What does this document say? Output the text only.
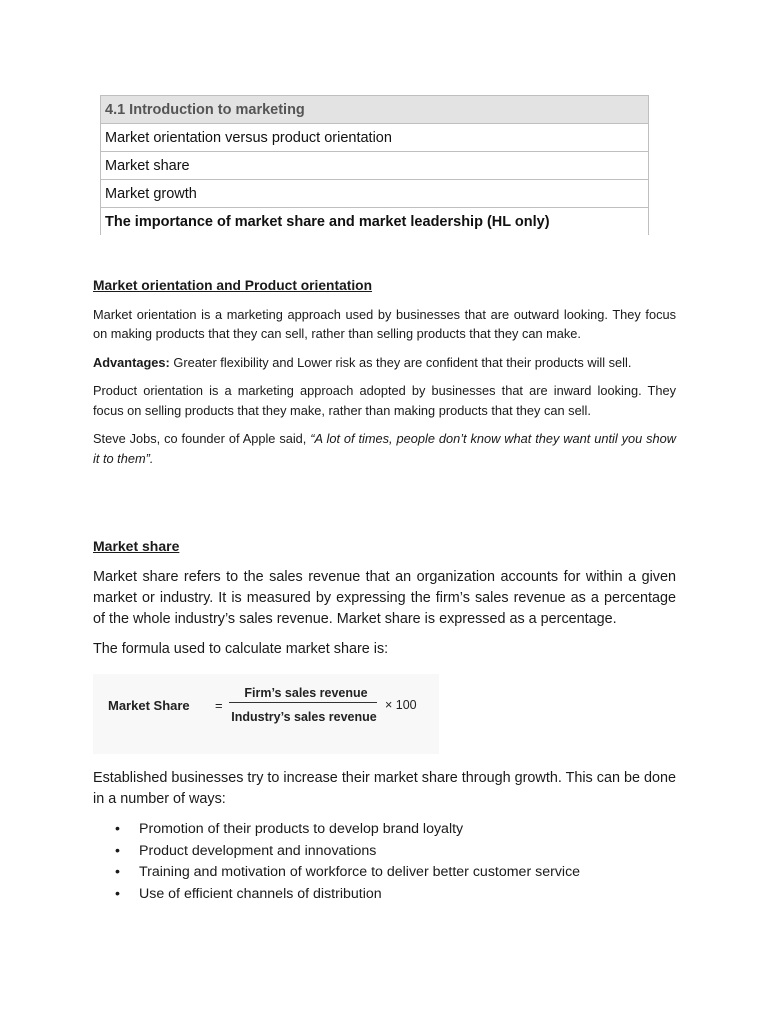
4.1 Introduction to marketing
Market orientation versus product orientation
Market share
Market growth
The importance of market share and market leadership (HL only)
Market orientation and Product orientation

Market orientation is a marketing approach used by businesses that are outward looking. They focus on making products that they can sell, rather than selling products that they can make.

Advantages: Greater flexibility and Lower risk as they are confident that their products will sell.

Product orientation is a marketing approach adopted by businesses that are inward looking. They focus on selling products that they make, rather than making products that they can sell.

Steve Jobs, co founder of Apple said, “A lot of times, people don’t know what they want until you show it to them”.

Market share

Market share refers to the sales revenue that an organization accounts for within a given market or industry. It is measured by expressing the firm’s sales revenue as a percentage of the whole industry’s sales revenue. Market share is expressed as a percentage.

The formula used to calculate market share is:

Market Share =
Firm’s sales revenue
Industry’s sales revenue
× 100

Established businesses try to increase their market share through growth. This can be done in a number of ways:

• Promotion of their products to develop brand loyalty
• Product development and innovations
• Training and motivation of workforce to deliver better customer service
• Use of efficient channels of distribution
